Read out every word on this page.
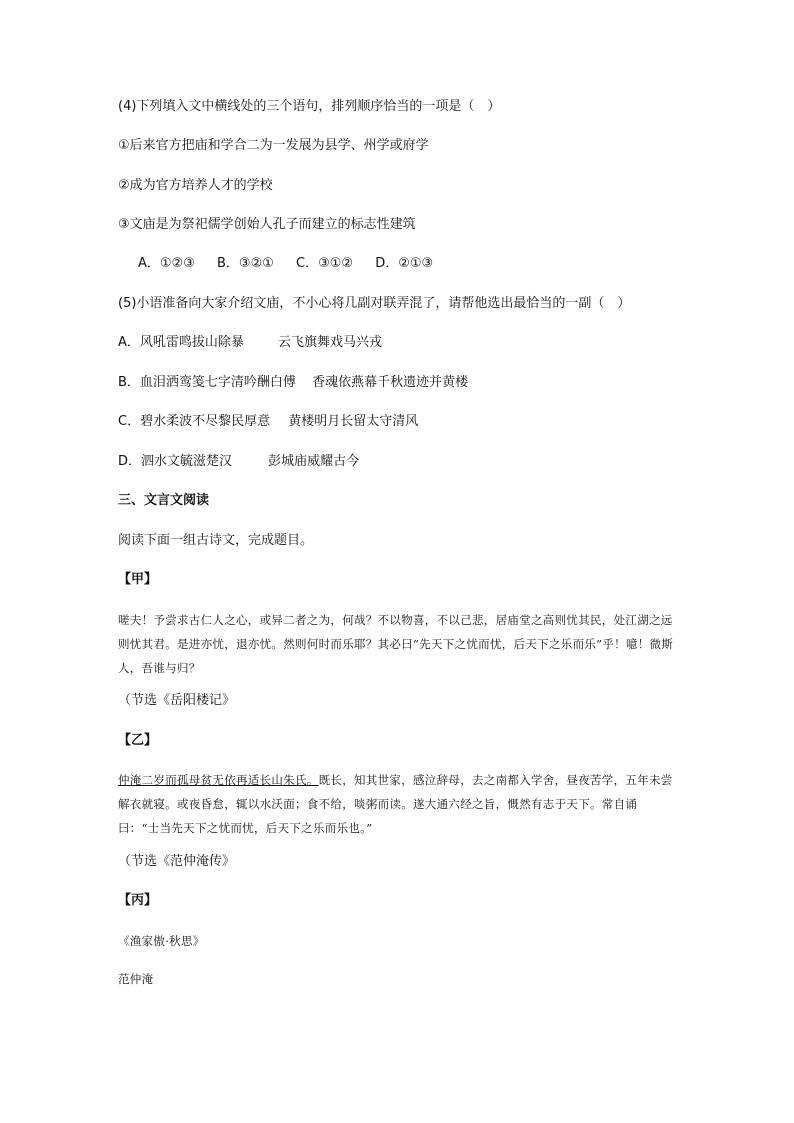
(4)下列填入文中横线处的三个语句，排列顺序恰当的一项是（　）
①后来官方把庙和学合二为一发展为县学、州学或府学
②成为官方培养人才的学校
③文庙是为祭祀儒学创始人孔子而建立的标志性建筑
A．①②③ B．③②① C．③①② D．②①③
(5)小语准备向大家介绍文庙，不小心将几副对联弄混了，请帮他选出最恰当的一副（　）
A．风吼雷鸣拔山除暴	云飞旗舞戏马兴戎
B．血泪洒鸾笺七字清吟酬白傅 香魂依燕幕千秋遗迹并黄楼
C．碧水柔波不尽黎民厚意 黄楼明月长留太守清风
D．泗水文毓滋楚汉	彭城庙威耀古今
三、文言文阅读
阅读下面一组古诗文，完成题目。
【甲】
嗟夫！予尝求古仁人之心，或异二者之为，何哉？不以物喜，不以己悲，居庙堂之高则忧其民，处江湖之远则忧其君。是进亦忧，退亦忧。然则何时而乐耶？其必曰“先天下之忧而忧，后天下之乐而乐”乎！噫！微斯人，吾谁与归？
（节选《岳阳楼记》
【乙】
仲淹二岁而孤母贫无依再适长山朱氏。既长，知其世家，感泣辞母，去之南都入学舍，昼夜苦学，五年未尝解衣就寝。或夜昏怠，辄以水沃面；食不给，啖粥而读。遂大通六经之旨，慨然有志于天下。常自诵曰：“士当先天下之忧而忧，后天下之乐而乐也。”
（节选《范仲淹传》
【丙】
《渔家傲·秋思》
范仲淹
